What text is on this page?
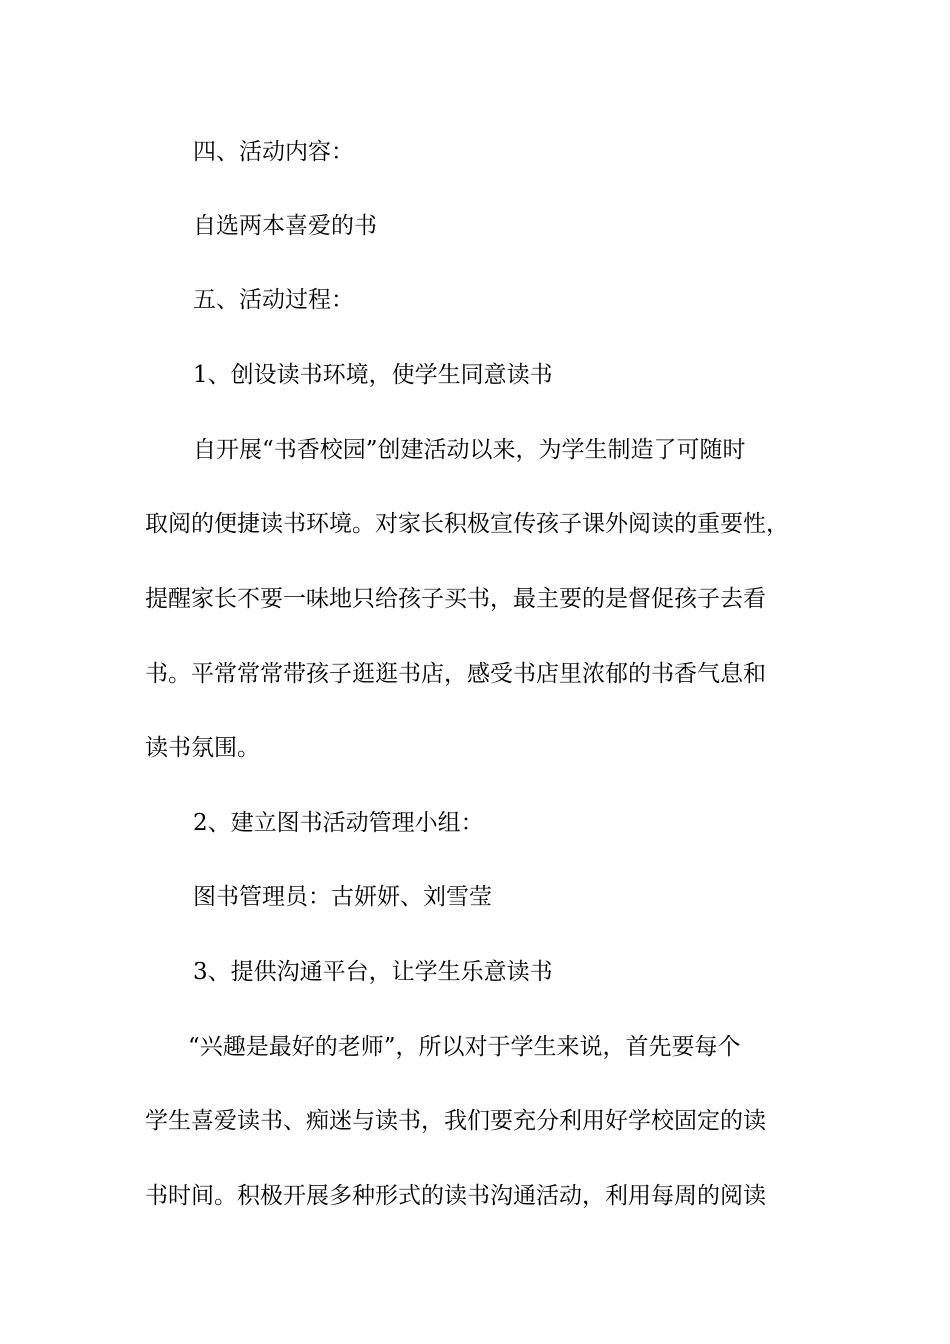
四、活动内容：
自选两本喜爱的书
五、活动过程：
1、创设读书环境，使学生同意读书
自开展“书香校园”创建活动以来，为学生制造了可随时
取阅的便捷读书环境。对家长积极宣传孩子课外阅读的重要性，
提醒家长不要一味地只给孩子买书，最主要的是督促孩子去看
书。平常常常带孩子逛逛书店，感受书店里浓郁的书香气息和
读书氛围。
2、建立图书活动管理小组：
图书管理员：古妍妍、刘雪莹
3、提供沟通平台，让学生乐意读书
“兴趣是最好的老师”，所以对于学生来说，首先要每个
学生喜爱读书、痴迷与读书，我们要充分利用好学校固定的读
书时间。积极开展多种形式的读书沟通活动，利用每周的阅读
